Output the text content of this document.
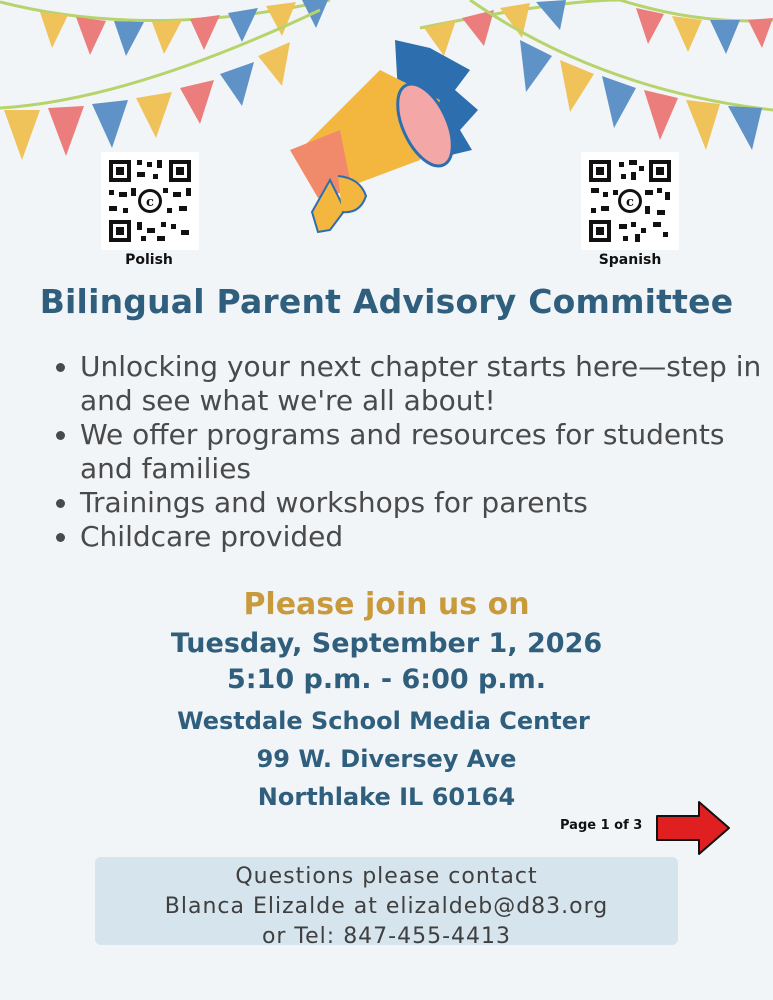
c
Polish
c
Spanish
Bilingual Parent Advisory Committee
• Unlocking your next chapter starts here—step in and see what we're all about!
• We offer programs and resources for students and families
• Trainings and workshops for parents
• Childcare provided
Please join us on
Tuesday, September 1, 2026
5:10 p.m. - 6:00 p.m.
Westdale School Media Center
99 W. Diversey Ave
Northlake IL 60164
Page 1 of 3
Questions please contact
Blanca Elizalde at elizaldeb@d83.org
or Tel: 847-455-4413
